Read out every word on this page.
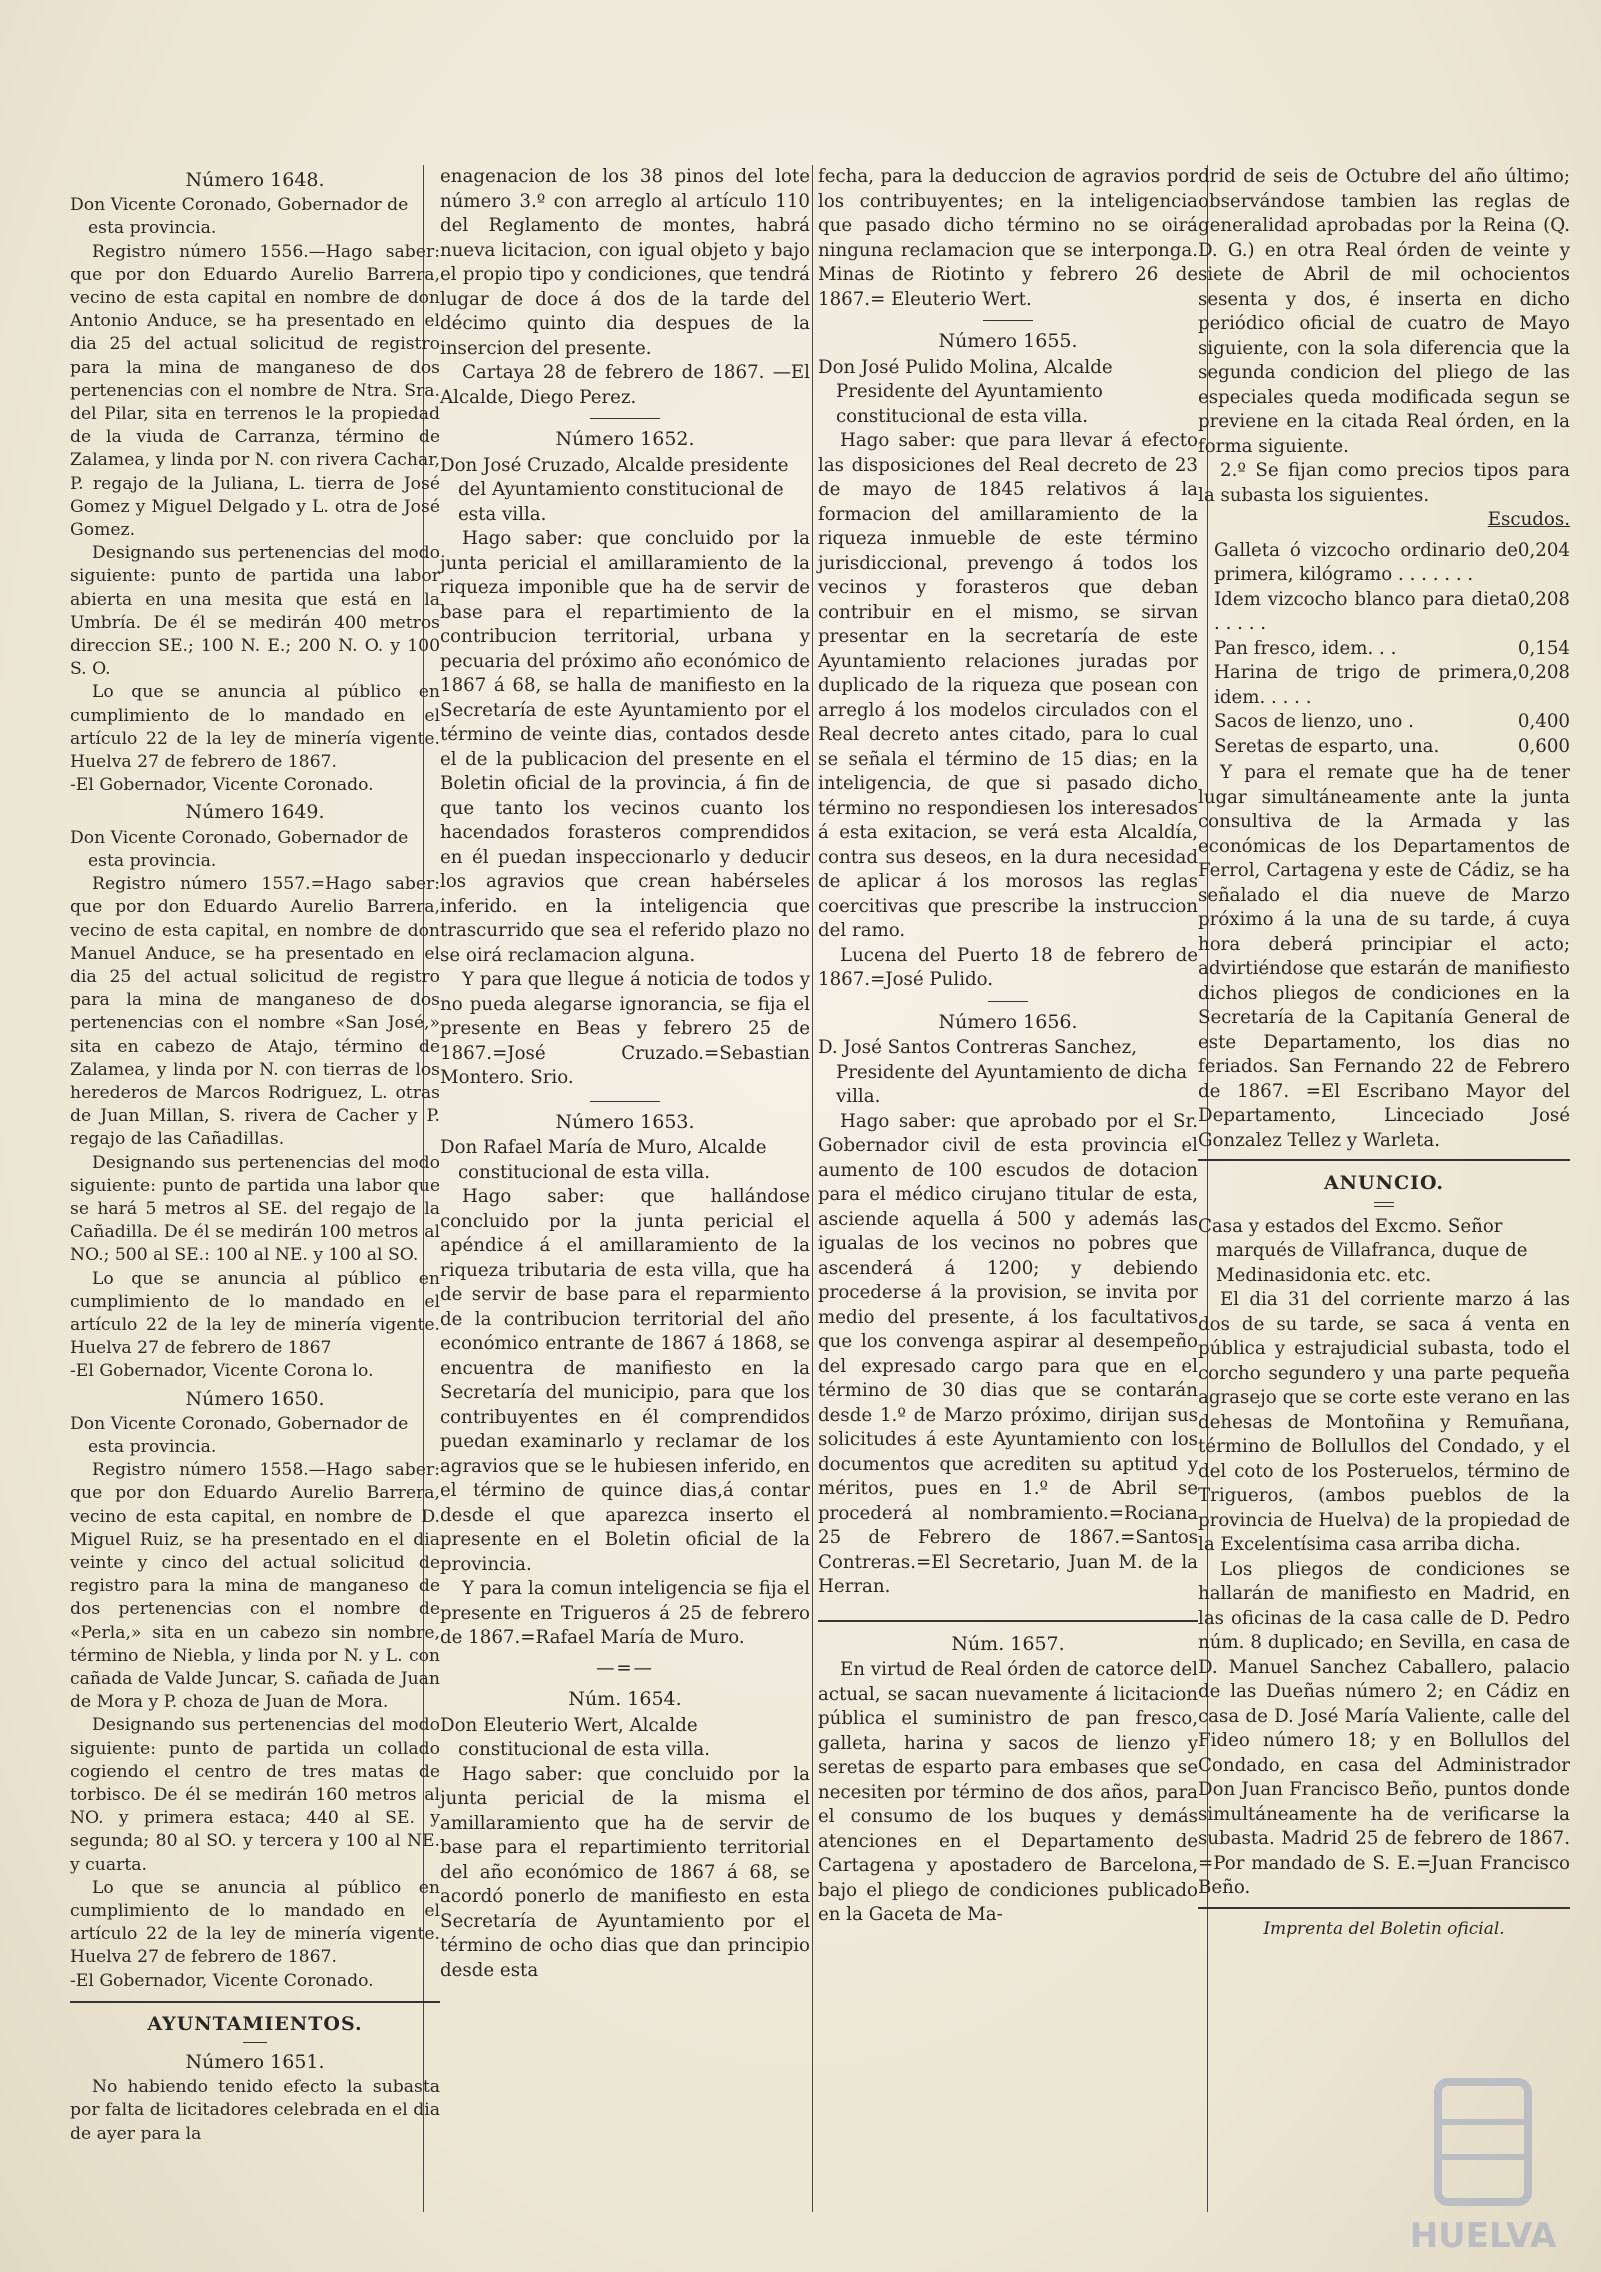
Número 1648.
Don Vicente Coronado, Gobernador de esta provincia.

Registro número 1556.—Hago saber: que por don Eduardo Aurelio Barrera, vecino de esta capital en nombre de don Antonio Anduce, se ha presentado en el dia 25 del actual solicitud de registro para la mina de manganeso de dos pertenencias con el nombre de Ntra. Sra. del Pilar, sita en terrenos le la propiedad de la viuda de Carranza, término de Zalamea, y linda por N. con rivera Cachar, P. regajo de la Juliana, L. tierra de José Gomez y Miguel Delgado y L. otra de José Gomez.

Designando sus pertenencias del modo siguiente: punto de partida una labor abierta en una mesita que está en la Umbría. De él se medirán 400 metros direccion SE.; 100 N. E.; 200 N. O. y 100 S. O.

Lo que se anuncia al público en cumplimiento de lo mandado en el artículo 22 de la ley de minería vigente. Huelva 27 de febrero de 1867.

-El Gobernador, Vicente Coronado.

Número 1649.
Don Vicente Coronado, Gobernador de esta provincia.

Registro número 1557.=Hago saber: que por don Eduardo Aurelio Barrera, vecino de esta capital, en nombre de don Manuel Anduce, se ha presentado en el dia 25 del actual solicitud de registro para la mina de manganeso de dos pertenencias con el nombre «San José,» sita en cabezo de Atajo, término de Zalamea, y linda por N. con tierras de los herederos de Marcos Rodriguez, L. otras de Juan Millan, S. rivera de Cacher y P. regajo de las Cañadillas.

Designando sus pertenencias del modo siguiente: punto de partida una labor que se hará 5 metros al SE. del regajo de la Cañadilla. De él se medirán 100 metros al NO.; 500 al SE.: 100 al NE. y 100 al SO.

Lo que se anuncia al público en cumplimiento de lo mandado en el artículo 22 de la ley de minería vigente. Huelva 27 de febrero de 1867

-El Gobernador, Vicente Corona lo.

Número 1650.
Don Vicente Coronado, Gobernador de esta provincia.

Registro número 1558.—Hago saber: que por don Eduardo Aurelio Barrera, vecino de esta capital, en nombre de D. Miguel Ruiz, se ha presentado en el dia veinte y cinco del actual solicitud de registro para la mina de manganeso de dos pertenencias con el nombre de «Perla,» sita en un cabezo sin nombre, término de Niebla, y linda por N. y L. con cañada de Valde Juncar, S. cañada de Juan de Mora y P. choza de Juan de Mora.

Designando sus pertenencias del modo siguiente: punto de partida un collado cogiendo el centro de tres matas de torbisco. De él se medirán 160 metros al NO. y primera estaca; 440 al SE. y segunda; 80 al SO. y tercera y 100 al NE. y cuarta.

Lo que se anuncia al público en cumplimiento de lo mandado en el artículo 22 de la ley de minería vigente. Huelva 27 de febrero de 1867.

-El Gobernador, Vicente Coronado.

AYUNTAMIENTOS.
Número 1651.

No habiendo tenido efecto la subasta por falta de licitadores celebrada en el dia de ayer para la

enagenacion de los 38 pinos del lote número 3.º con arreglo al artículo 110 del Reglamento de montes, habrá nueva licitacion, con igual objeto y bajo el propio tipo y condiciones, que tendrá lugar de doce á dos de la tarde del décimo quinto dia despues de la insercion del presente.

Cartaya 28 de febrero de 1867. —El Alcalde, Diego Perez.

Número 1652.
Don José Cruzado, Alcalde presidente del Ayuntamiento constitucional de esta villa.

Hago saber: que concluido por la junta pericial el amillaramiento de la riqueza imponible que ha de servir de base para el repartimiento de la contribucion territorial, urbana y pecuaria del próximo año económico de 1867 á 68, se halla de manifiesto en la Secretaría de este Ayuntamiento por el término de veinte dias, contados desde el de la publicacion del presente en el Boletin oficial de la provincia, á fin de que tanto los vecinos cuanto los hacendados forasteros comprendidos en él puedan inspeccionarlo y deducir los agravios que crean habérseles inferido. en la inteligencia que trascurrido que sea el referido plazo no se oirá reclamacion alguna.

Y para que llegue á noticia de todos y no pueda alegarse ignorancia, se fija el presente en Beas y febrero 25 de 1867.=José Cruzado.=Sebastian Montero. Srio.

Número 1653.
Don Rafael María de Muro, Alcalde constitucional de esta villa.

Hago saber: que hallándose concluido por la junta pericial el apéndice á el amillaramiento de la riqueza tributaria de esta villa, que ha de servir de base para el reparmiento de la contribucion territorial del año económico entrante de 1867 á 1868, se encuentra de manifiesto en la Secretaría del municipio, para que los contribuyentes en él comprendidos puedan examinarlo y reclamar de los agravios que se le hubiesen inferido, en el término de quince dias,á contar desde el que aparezca inserto el presente en el Boletin oficial de la provincia.

Y para la comun inteligencia se fija el presente en Trigueros á 25 de febrero de 1867.=Rafael María de Muro.

—=—
Núm. 1654.
Don Eleuterio Wert, Alcalde constitucional de esta villa.

Hago saber: que concluido por la junta pericial de la misma el amillaramiento que ha de servir de base para el repartimiento territorial del año económico de 1867 á 68, se acordó ponerlo de manifiesto en esta Secretaría de Ayuntamiento por el término de ocho dias que dan principio desde esta

fecha, para la deduccion de agravios por los contribuyentes; en la inteligencia que pasado dicho término no se oirá ninguna reclamacion que se interponga. Minas de Riotinto y febrero 26 de 1867.= Eleuterio Wert.

Número 1655.
Don José Pulido Molina, Alcalde Presidente del Ayuntamiento constitucional de esta villa.

Hago saber: que para llevar á efecto las disposiciones del Real decreto de 23 de mayo de 1845 relativos á la formacion del amillaramiento de la riqueza inmueble de este término jurisdiccional, prevengo á todos los vecinos y forasteros que deban contribuir en el mismo, se sirvan presentar en la secretaría de este Ayuntamiento relaciones juradas por duplicado de la riqueza que posean con arreglo á los modelos circulados con el Real decreto antes citado, para lo cual se señala el término de 15 dias; en la inteligencia, de que si pasado dicho término no respondiesen los interesados á esta exitacion, se verá esta Alcaldía, contra sus deseos, en la dura necesidad de aplicar á los morosos las reglas coercitivas que prescribe la instruccion del ramo.

Lucena del Puerto 18 de febrero de 1867.=José Pulido.

Número 1656.
D. José Santos Contreras Sanchez, Presidente del Ayuntamiento de dicha villa.

Hago saber: que aprobado por el Sr. Gobernador civil de esta provincia el aumento de 100 escudos de dotacion para el médico cirujano titular de esta, asciende aquella á 500 y además las igualas de los vecinos no pobres que ascenderá á 1200; y debiendo procederse á la provision, se invita por medio del presente, á los facultativos que los convenga aspirar al desempeño del expresado cargo para que en el término de 30 dias que se contarán desde 1.º de Marzo próximo, dirijan sus solicitudes á este Ayuntamiento con los documentos que acrediten su aptitud y méritos, pues en 1.º de Abril se procederá al nombramiento.=Rociana 25 de Febrero de 1867.=Santos Contreras.=El Secretario, Juan M. de la Herran.

Núm. 1657.

En virtud de Real órden de catorce del actual, se sacan nuevamente á licitacion pública el suministro de pan fresco, galleta, harina y sacos de lienzo y seretas de esparto para embases que se necesiten por término de dos años, para el consumo de los buques y demás atenciones en el Departamento de Cartagena y apostadero de Barcelona, bajo el pliego de condiciones publicado en la Gaceta de Ma-

drid de seis de Octubre del año último; observándose tambien las reglas de generalidad aprobadas por la Reina (Q. D. G.) en otra Real órden de veinte y siete de Abril de mil ochocientos sesenta y dos, é inserta en dicho periódico oficial de cuatro de Mayo siguiente, con la sola diferencia que la segunda condicion del pliego de las especiales queda modificada segun se previene en la citada Real órden, en la forma siguiente.

2.º Se fijan como precios tipos para la subasta los siguientes.

Escudos.
Galleta ó vizcocho ordinario de primera, kilógramo . . . . . . .
0,204
Idem vizcocho blanco para dieta . . . . .
0,208
Pan fresco, idem. . .	0,154
Harina de trigo de primera, idem. . . . .
0,208
Sacos de lienzo, uno .	0,400
Seretas de esparto, una.	0,600

Y para el remate que ha de tener lugar simultáneamente ante la junta consultiva de la Armada y las económicas de los Departamentos de Ferrol, Cartagena y este de Cádiz, se ha señalado el dia nueve de Marzo próximo á la una de su tarde, á cuya hora deberá principiar el acto; advirtiéndose que estarán de manifiesto dichos pliegos de condiciones en la Secretaría de la Capitanía General de este Departamento, los dias no feriados. San Fernando 22 de Febrero de 1867. =El Escribano Mayor del Departamento, Linceciado José Gonzalez Tellez y Warleta.

ANUNCIO.
Casa y estados del Excmo. Señor marqués de Villafranca, duque de Medinasidonia etc. etc.

El dia 31 del corriente marzo á las dos de su tarde, se saca á venta en pública y estrajudicial subasta, todo el corcho segundero y una parte pequeña agrasejo que se corte este verano en las dehesas de Montoñina y Remuñana, término de Bollullos del Condado, y el del coto de los Posteruelos, término de Trigueros, (ambos pueblos de la provincia de Huelva) de la propiedad de la Excelentísima casa arriba dicha.

Los pliegos de condiciones se hallarán de manifiesto en Madrid, en las oficinas de la casa calle de D. Pedro núm. 8 duplicado; en Sevilla, en casa de D. Manuel Sanchez Caballero, palacio de las Dueñas número 2; en Cádiz en casa de D. José María Valiente, calle del Fideo número 18; y en Bollullos del Condado, en casa del Administrador Don Juan Francisco Beño, puntos donde simultáneamente ha de verificarse la subasta. Madrid 25 de febrero de 1867. =Por mandado de S. E.=Juan Francisco Beño.

Imprenta del Boletin oficial.
HUELVA
